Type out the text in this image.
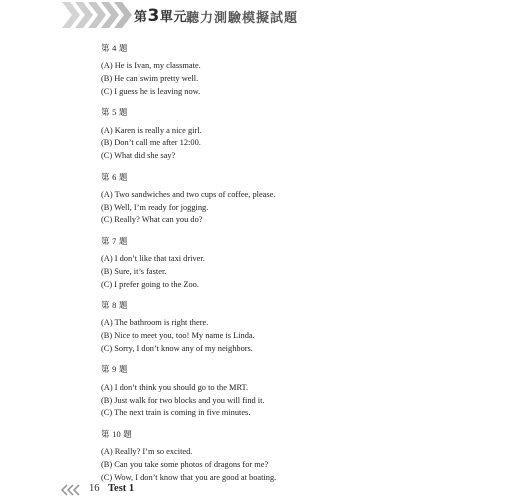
第3單元 聽力測驗模擬試題
第 4 題
(A) He is Ivan, my classmate.
(B) He can swim pretty well.
(C) I guess he is leaving now.
第 5 題
(A) Karen is really a nice girl.
(B) Don’t call me after 12:00.
(C) What did she say?
第 6 題
(A) Two sandwiches and two cups of coffee, please.
(B) Well, I’m ready for jogging.
(C) Really? What can you do?
第 7 題
(A) I don’t like that taxi driver.
(B) Sure, it’s faster.
(C) I prefer going to the Zoo.
第 8 題
(A) The bathroom is right there.
(B) Nice to meet you, too! My name is Linda.
(C) Sorry, I don’t know any of my neighbors.
第 9 題
(A) I don’t think you should go to the MRT.
(B) Just walk for two blocks and you will find it.
(C) The next train is coming in five minutes.
第 10 題
(A) Really? I’m so excited.
(B) Can you take some photos of dragons for me?
(C) Wow, I don’t know that you are good at boating.
16 Test 1
